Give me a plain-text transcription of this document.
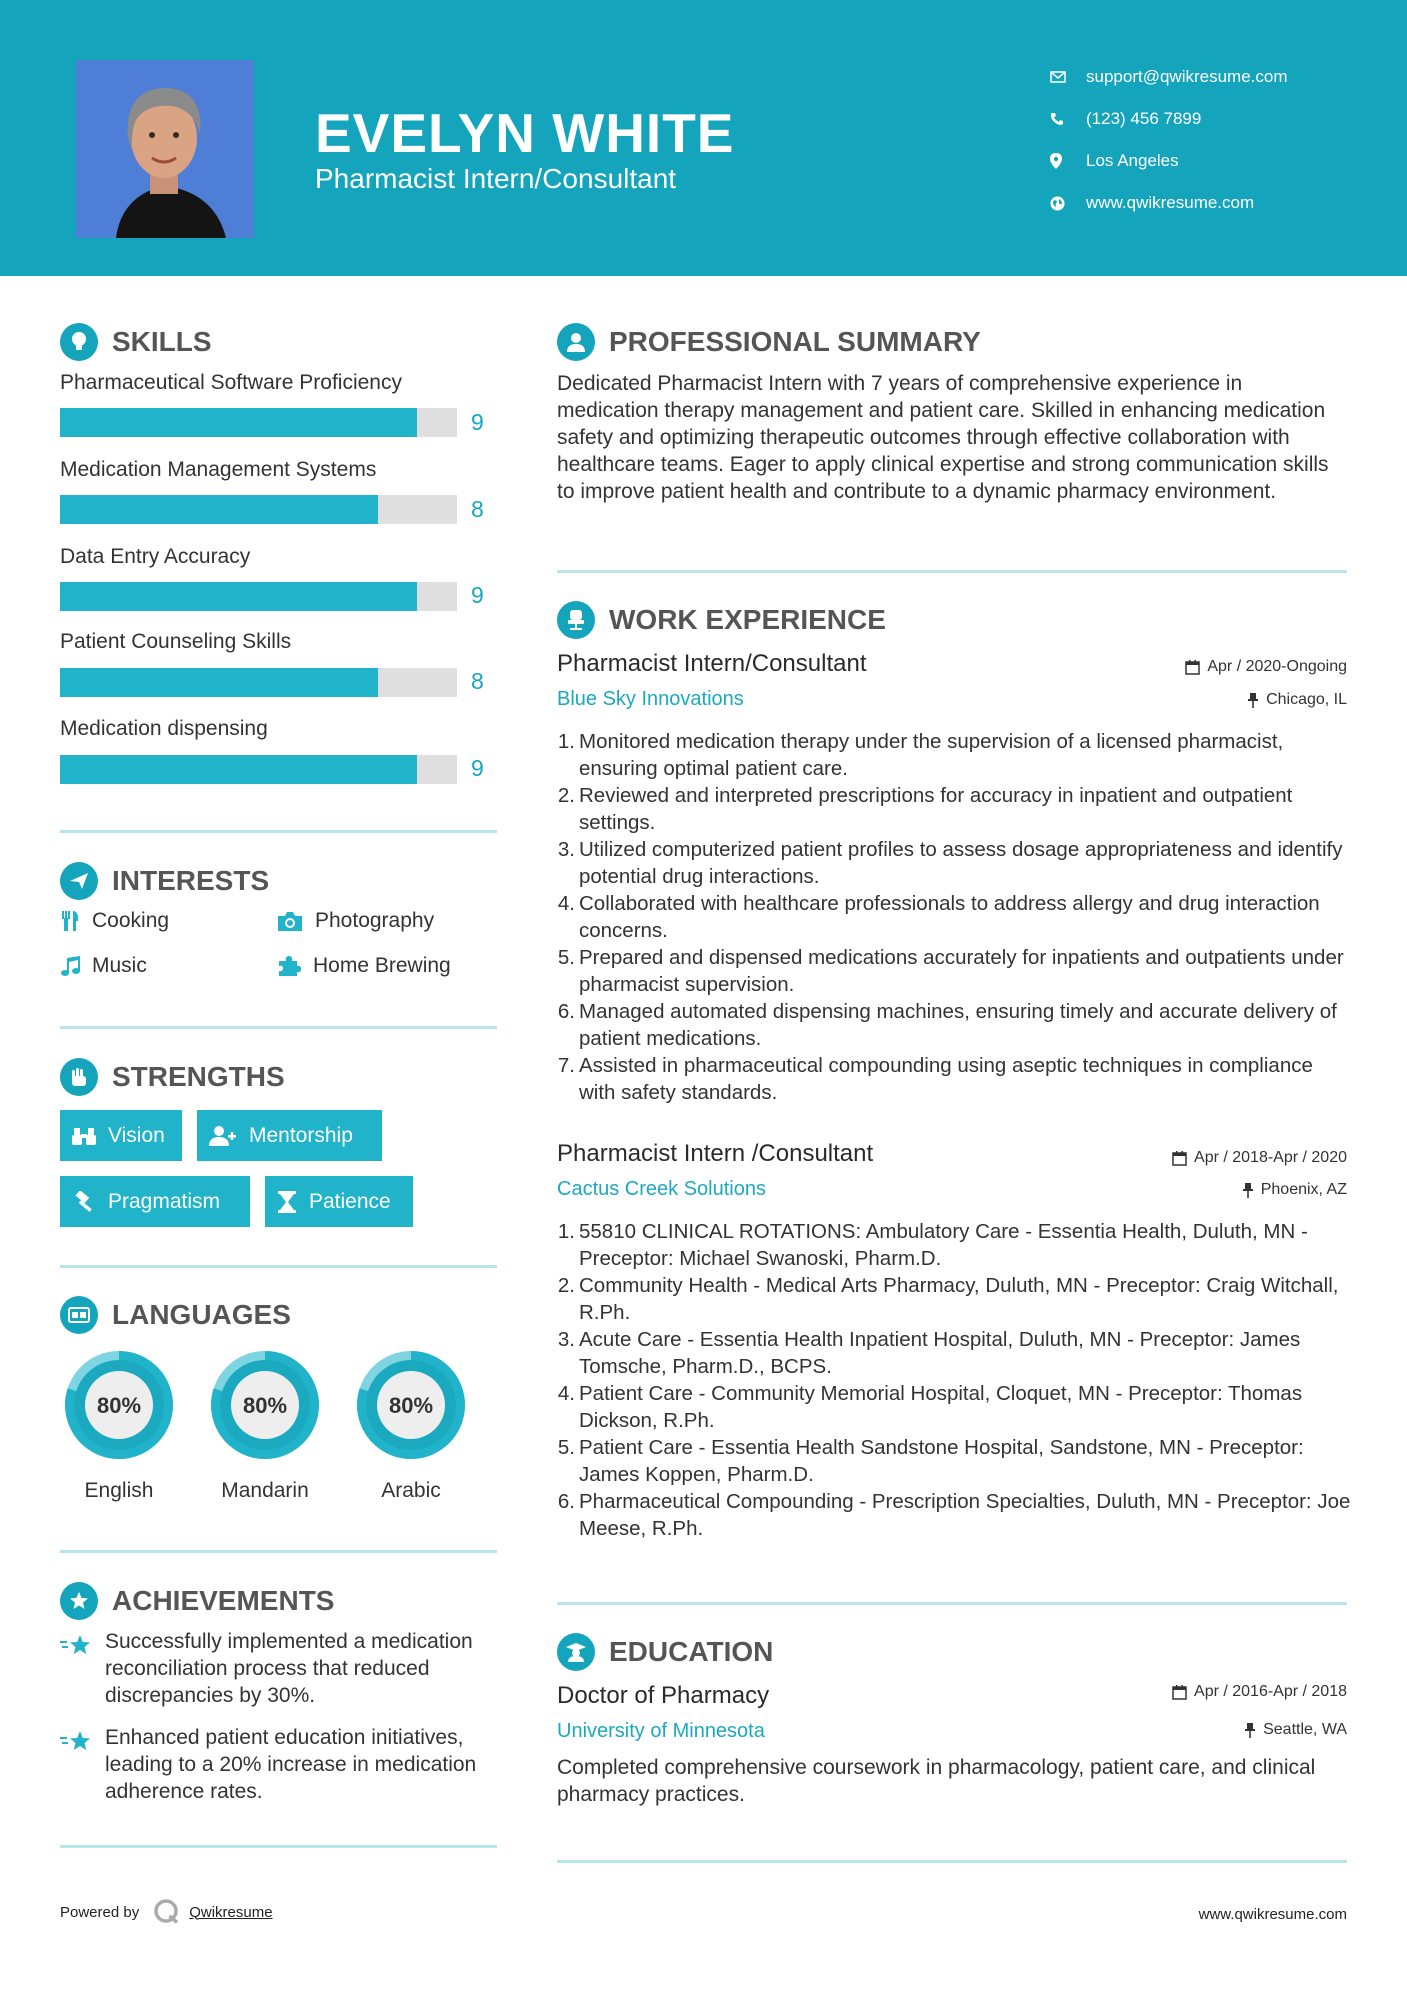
EVELYN WHITE
Pharmacist Intern/Consultant
support@qwikresume.com
(123) 456 7899
Los Angeles
www.qwikresume.com
SKILLS
Pharmaceutical Software Proficiency
9
Medication Management Systems
8
Data Entry Accuracy
9
Patient Counseling Skills
8
Medication dispensing
9
INTERESTS
Cooking	Photography
Music	Home Brewing
STRENGTHS
Vision	Mentorship
Pragmatism	Patience
LANGUAGES
80%
English
80%
Mandarin
80%
Arabic
ACHIEVEMENTS
Successfully implemented a medication reconciliation process that reduced discrepancies by 30%.
Enhanced patient education initiatives, leading to a 20% increase in medication adherence rates.
PROFESSIONAL SUMMARY
Dedicated Pharmacist Intern with 7 years of comprehensive experience in medication therapy management and patient care. Skilled in enhancing medication safety and optimizing therapeutic outcomes through effective collaboration with healthcare teams. Eager to apply clinical expertise and strong communication skills to improve patient health and contribute to a dynamic pharmacy environment.
WORK EXPERIENCE
Pharmacist Intern/Consultant	Apr / 2020-Ongoing
Blue Sky Innovations	Chicago, IL
1. Monitored medication therapy under the supervision of a licensed pharmacist, ensuring optimal patient care.
2. Reviewed and interpreted prescriptions for accuracy in inpatient and outpatient settings.
3. Utilized computerized patient profiles to assess dosage appropriateness and identify potential drug interactions.
4. Collaborated with healthcare professionals to address allergy and drug interaction concerns.
5. Prepared and dispensed medications accurately for inpatients and outpatients under pharmacist supervision.
6. Managed automated dispensing machines, ensuring timely and accurate delivery of patient medications.
7. Assisted in pharmaceutical compounding using aseptic techniques in compliance with safety standards.
Pharmacist Intern /Consultant	Apr / 2018-Apr / 2020
Cactus Creek Solutions	Phoenix, AZ
1. 55810 CLINICAL ROTATIONS: Ambulatory Care - Essentia Health, Duluth, MN - Preceptor: Michael Swanoski, Pharm.D.
2. Community Health - Medical Arts Pharmacy, Duluth, MN - Preceptor: Craig Witchall, R.Ph.
3. Acute Care - Essentia Health Inpatient Hospital, Duluth, MN - Preceptor: James Tomsche, Pharm.D., BCPS.
4. Patient Care - Community Memorial Hospital, Cloquet, MN - Preceptor: Thomas Dickson, R.Ph.
5. Patient Care - Essentia Health Sandstone Hospital, Sandstone, MN - Preceptor: James Koppen, Pharm.D.
6. Pharmaceutical Compounding - Prescription Specialties, Duluth, MN - Preceptor: Joe Meese, R.Ph.
EDUCATION
Doctor of Pharmacy	Apr / 2016-Apr / 2018
University of Minnesota	Seattle, WA
Completed comprehensive coursework in pharmacology, patient care, and clinical pharmacy practices.
Powered by	Qwikresume	www.qwikresume.com
